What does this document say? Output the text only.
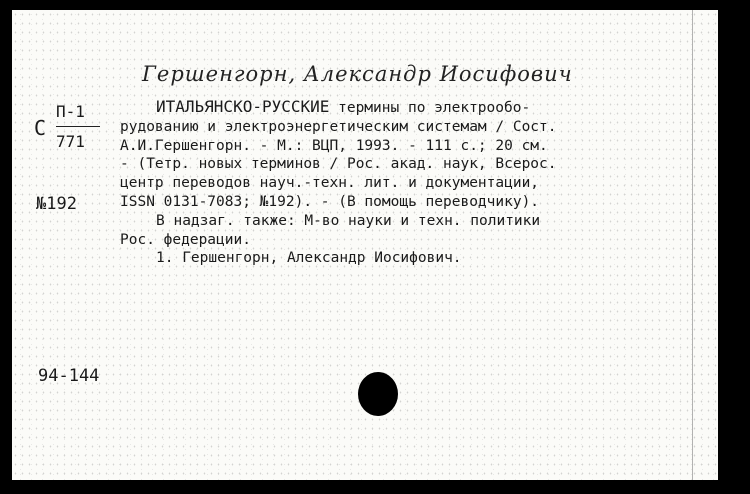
Гершенгорн, Александр Иосифович
С
П-1
771
№192

ИТАЛЬЯНСКО-РУССКИЕ термины по электрообо-

рудованию и электроэнергетическим системам / Сост.

А.И.Гершенгорн. - М.: ВЦП, 1993. - 111 с.; 20 см.

- (Тетр. новых терминов / Рос. акад. наук, Всерос.

центр переводов науч.-техн. лит. и документации,

ISSN 0131-7083; №192). - (В помощь переводчику).

В надзаг. также: М-во науки и техн. политики

Рос. федерации.

1. Гершенгорн, Александр Иосифович.

94-144
